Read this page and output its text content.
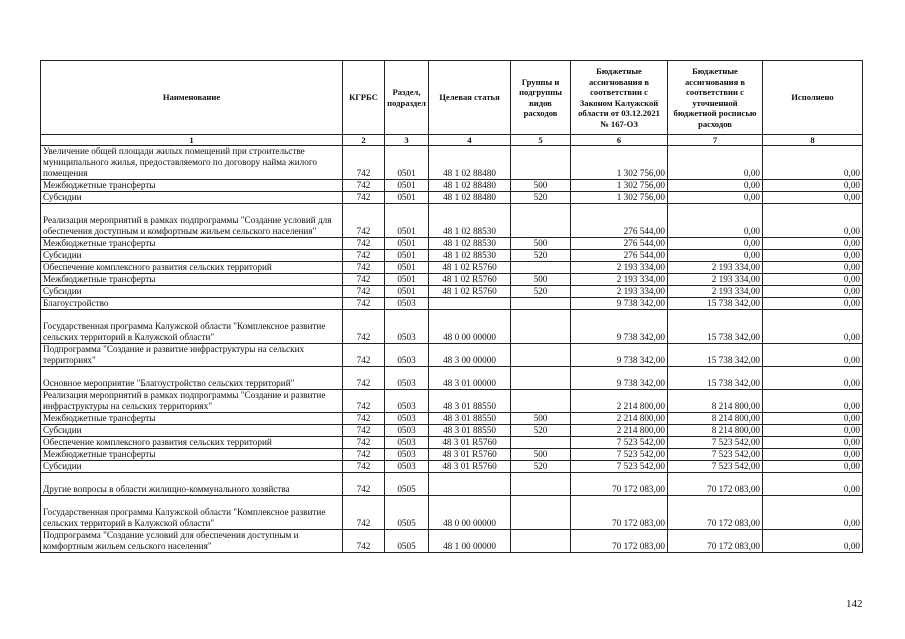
Наименование	КГРБС	Раздел, подраздел	Целевая статья	Группы и подгруппы видов расходов	Бюджетные ассигнования в соответствии с Законом Калужской области от 03.12.2021 № 167-ОЗ	Бюджетные ассигнования в соответствии с уточненной бюджетной росписью расходов	Исполнено
1	2	3	4	5	6	7	8
Увеличение общей площади жилых помещений при строительстве муниципального жилья, предоставляемого по договору найма жилого помещения	742	0501	48 1 02 88480		1 302 756,00	0,00	0,00
Межбюджетные трансферты	742	0501	48 1 02 88480	500	1 302 756,00	0,00	0,00
Субсидии	742	0501	48 1 02 88480	520	1 302 756,00	0,00	0,00
Реализация мероприятий в рамках подпрограммы "Создание условий для обеспечения доступным и комфортным жильем сельского населения"	742	0501	48 1 02 88530		276 544,00	0,00	0,00
Межбюджетные трансферты	742	0501	48 1 02 88530	500	276 544,00	0,00	0,00
Субсидии	742	0501	48 1 02 88530	520	276 544,00	0,00	0,00
Обеспечение комплексного развития сельских территорий	742	0501	48 1 02 R5760		2 193 334,00	2 193 334,00	0,00
Межбюджетные трансферты	742	0501	48 1 02 R5760	500	2 193 334,00	2 193 334,00	0,00
Субсидии	742	0501	48 1 02 R5760	520	2 193 334,00	2 193 334,00	0,00
Благоустройство	742	0503			9 738 342,00	15 738 342,00	0,00
Государственная программа Калужской области "Комплексное развитие сельских территорий в Калужской области"	742	0503	48 0 00 00000		9 738 342,00	15 738 342,00	0,00
Подпрограмма "Создание и развитие инфраструктуры на сельских территориях"	742	0503	48 3 00 00000		9 738 342,00	15 738 342,00	0,00
Основное мероприятие "Благоустройство сельских территорий"	742	0503	48 3 01 00000		9 738 342,00	15 738 342,00	0,00
Реализация мероприятий в рамках подпрограммы "Создание и развитие инфраструктуры на сельских территориях"	742	0503	48 3 01 88550		2 214 800,00	8 214 800,00	0,00
Межбюджетные трансферты	742	0503	48 3 01 88550	500	2 214 800,00	8 214 800,00	0,00
Субсидии	742	0503	48 3 01 88550	520	2 214 800,00	8 214 800,00	0,00
Обеспечение комплексного развития сельских территорий	742	0503	48 3 01 R5760		7 523 542,00	7 523 542,00	0,00
Межбюджетные трансферты	742	0503	48 3 01 R5760	500	7 523 542,00	7 523 542,00	0,00
Субсидии	742	0503	48 3 01 R5760	520	7 523 542,00	7 523 542,00	0,00
Другие вопросы в области жилищно-коммунального хозяйства	742	0505			70 172 083,00	70 172 083,00	0,00
Государственная программа Калужской области "Комплексное развитие сельских территорий в Калужской области"	742	0505	48 0 00 00000		70 172 083,00	70 172 083,00	0,00
Подпрограмма "Создание условий для обеспечения доступным и комфортным жильем сельского населения"	742	0505	48 1 00 00000		70 172 083,00	70 172 083,00	0,00
142
